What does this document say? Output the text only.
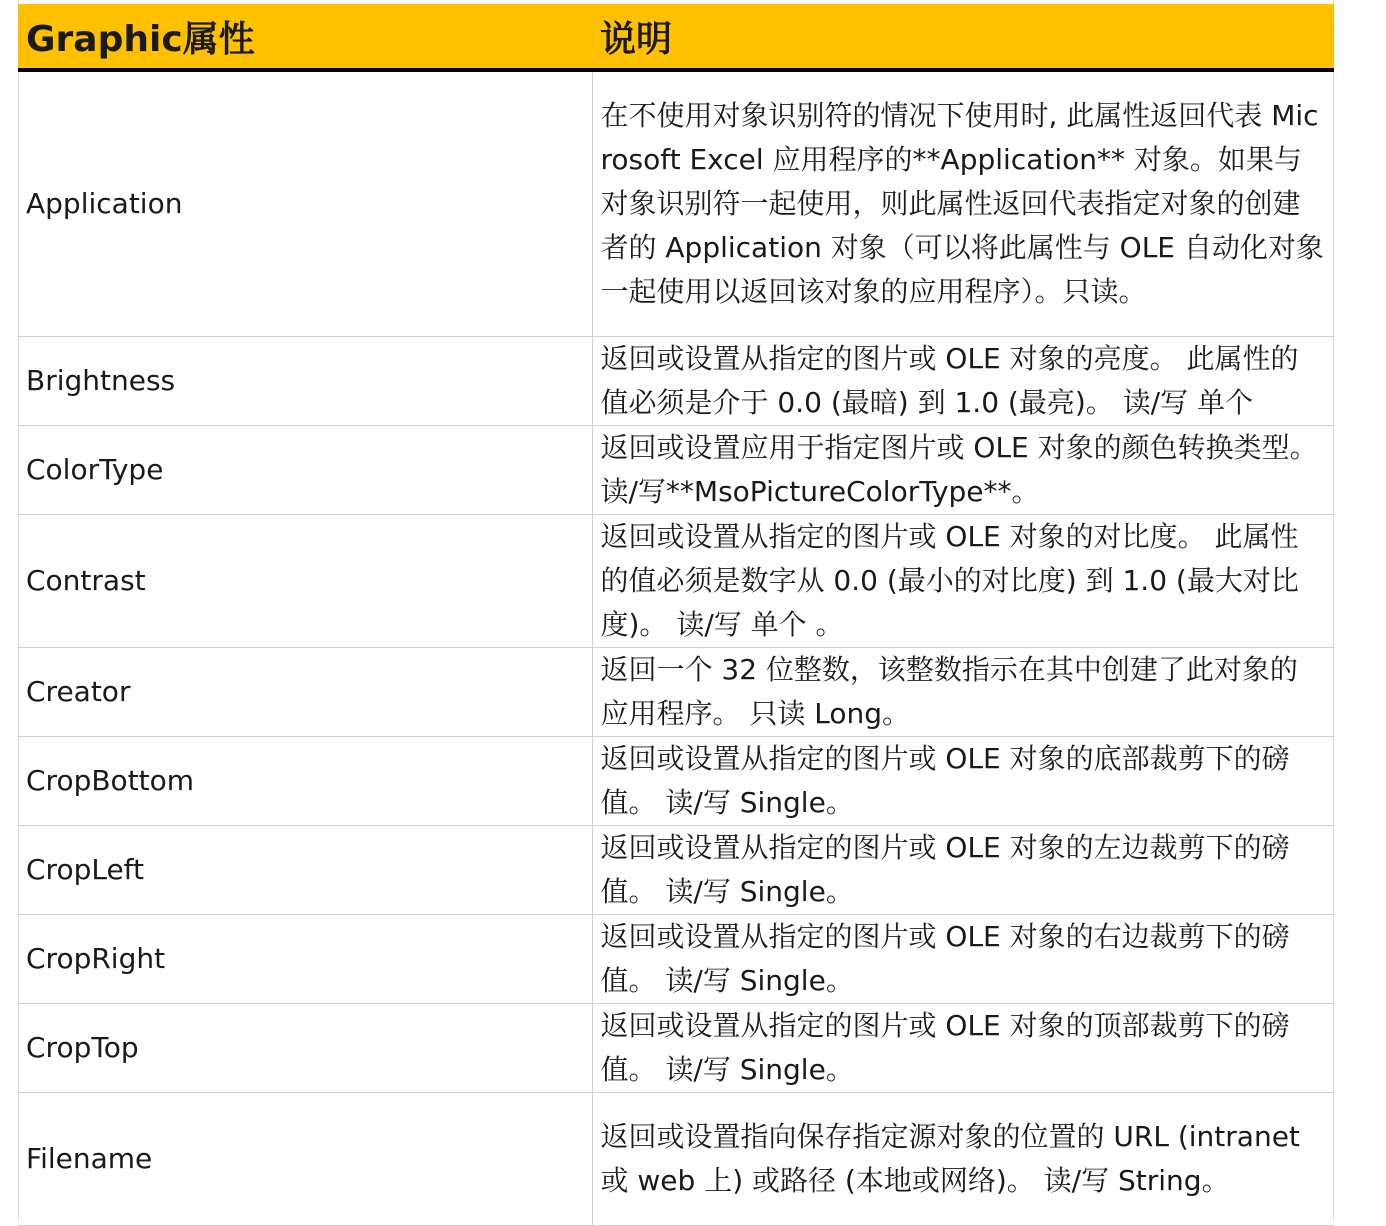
Graphic属性	说明
Application	在不使用对象识别符的情况下使用时, 此属性返回代表 Microsoft Excel 应用程序的**Application** 对象。如果与对象识别符一起使用，则此属性返回代表指定对象的创建者的 Application 对象（可以将此属性与 OLE 自动化对象一起使用以返回该对象的应用程序）。只读。
Brightness	返回或设置从指定的图片或 OLE 对象的亮度。 此属性的值必须是介于 0.0 (最暗) 到 1.0 (最亮)。 读/写 单个
ColorType	返回或设置应用于指定图片或 OLE 对象的颜色转换类型。 读/写**MsoPictureColorType**。
Contrast	返回或设置从指定的图片或 OLE 对象的对比度。 此属性的值必须是数字从 0.0 (最小的对比度) 到 1.0 (最大对比度)。 读/写 单个 。
Creator	返回一个 32 位整数，该整数指示在其中创建了此对象的应用程序。 只读 Long。
CropBottom	返回或设置从指定的图片或 OLE 对象的底部裁剪下的磅值。 读/写 Single。
CropLeft	返回或设置从指定的图片或 OLE 对象的左边裁剪下的磅值。 读/写 Single。
CropRight	返回或设置从指定的图片或 OLE 对象的右边裁剪下的磅值。 读/写 Single。
CropTop	返回或设置从指定的图片或 OLE 对象的顶部裁剪下的磅值。 读/写 Single。
Filename	返回或设置指向保存指定源对象的位置的 URL (intranet 或 web 上) 或路径 (本地或网络)。 读/写 String。
